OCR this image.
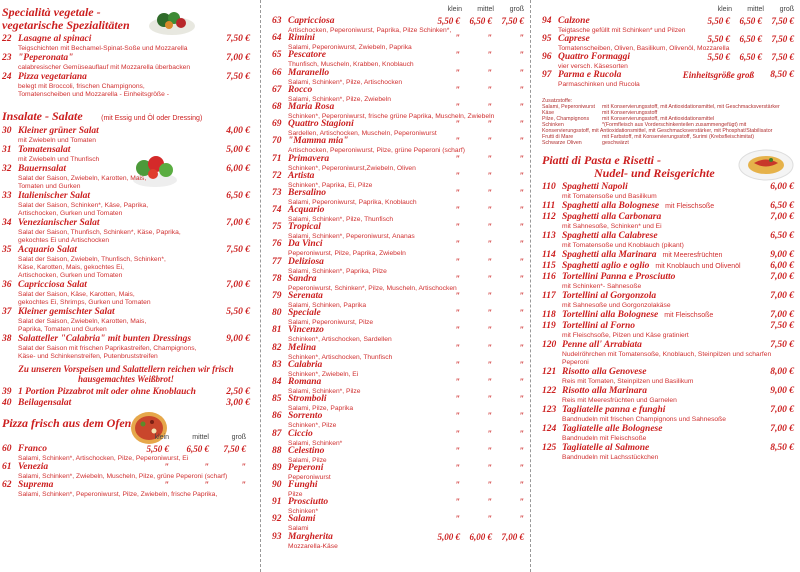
Specialità vegetale -
vegetarische Spezialitäten
22 Lasagne al spinaci
Teigschichten mit Bechamel-Spinat-Soße und Mozzarella
7,50 €
23 "Peperonata"
calabresischer Gemüseauflauf mit Mozzarella überbacken
7,00 €
24 Pizza vegetariana
belegt mit Broccoli, frischen Champignons,
Tomatenscheiben und Mozzarella - Einheitsgröße -
7,50 €
Insalate - Salate	(mit Essig und Öl oder Dressing)
30 Kleiner grüner Salat
mit Zwiebeln und Tomaten
4,00 €
31 Tomatensalat
mit Zwiebeln und Thunfisch
5,00 €
32 Bauernsalat
Salat der Saison, Zwiebeln, Karotten, Mais,
Tomaten und Gurken
6,00 €
33 Italienischer Salat
Salat der Saison, Schinken*, Käse, Paprika,
Artischocken, Gurken und Tomaten
6,50 €
34 Venezianischer Salat
Salat der Saison, Thunfisch, Schinken*, Käse, Paprika,
gekochtes Ei und Artischocken
7,00 €
35 Acquario Salat
Salat der Saison, Zwiebeln, Thunfisch, Schinken*,
Käse, Karotten, Mais, gekochtes Ei,
Artischocken, Gurken und Tomaten
7,50 €
36 Capricciosa Salat
Salat der Saison, Käse, Karotten, Mais,
gekochtes Ei, Shrimps, Gurken und Tomaten
7,00 €
37 Kleiner gemischter Salat
Salat der Saison, Zwiebeln, Karotten, Mais,
Paprika, Tomaten und Gurken
5,50 €
38 Salatteller "Calabria" mit bunten Dressings
Salat der Saison mit frischen Paprikastreifen, Champignons,
Käse- und Schinkenstreifen, Putenbruststreifen
9,00 €
Zu unseren Vorspeisen und Salattellern reichen wir frisch
hausgemachtes Weißbrot!
39 1 Portion Pizzabrot mit oder ohne Knoblauch	2,50 €
40 Beilagensalat	3,00 €
Pizza frisch aus dem Ofen
klein	mittel	groß
60 Franco
Salami, Schinken*, Artischocken, Pilze, Peperoniwurst, Ei
5,50 €	6,50 €	7,50 €
61 Venezia
Salami, Schinken*, Zwiebeln, Muscheln, Pilze, grüne Peperoni (scharf)
"	"	"
62 Suprema
Salami, Schinken*, Peperoniwurst, Pilze, Zwiebeln, frische Paprika,
"	"	"
klein	mittel	groß
63 Capricciosa
Artischocken, Peperoniwurst, Paprika, Pilze Schinken*,
5,50 €	6,50 €	7,50 €
64 Rimini
Salami, Peperoniwurst, Zwiebeln, Paprika
"	"	"
65 Pescatore
Thunfisch, Muscheln, Krabben, Knoblauch
"	"	"
66 Maranello
Salami, Schinken*, Pilze, Artischocken
"	"	"
67 Rocco
Salami, Schinken*, Pilze, Zwiebeln
"	"	"
68 Maria Rosa
Schinken*, Peperoniwurst, frische grüne Paprika, Muscheln, Zwiebeln
"	"	"
69 Quattro Stagioni
Sardellen, Artischocken, Muscheln, Peperoniwurst
"	"	"
70 "Mamma mia"
Artischocken, Peperoniwurst, Pilze, grüne Peperoni (scharf)
"	"	"
71 Primavera
Schinken*, Peperoniwurst,Zwiebeln, Oliven
"	"	"
72 Artista
Schinken*, Paprika, Ei, Pilze
"	"	"
73 Bersalino
Salami, Peperoniwurst, Paprika, Knoblauch
"	"	"
74 Acquario
Salami, Schinken*, Pilze, Thunfisch
"	"	"
75 Tropical
Salami, Schinken*, Peperoniwurst, Ananas
"	"	"
76 Da Vinci
Peperoniwurst, Pilze, Paprika, Zwiebeln
"	"	"
77 Deliziosa
Salami, Schinken*, Paprika, Pilze
"	"	"
78 Sandra
Peperoniwurst, Schinken*, Pilze, Muscheln, Artischocken
"	"	"
79 Serenata
Salami, Schinken, Paprika
"	"	"
80 Speciale
Salami, Peperoniwurst, Pilze
"	"	"
81 Vincenzo
Schinken*, Artischocken, Sardellen
"	"	"
82 Melina
Schinken*, Artischocken, Thunfisch
"	"	"
83 Calabria
Schinken*, Zwiebeln, Ei
"	"	"
84 Romana
Salami, Schinken*, Pilze
"	"	"
85 Stromboli
Salami, Pilze, Paprika
"	"	"
86 Sorrento
Schinken*, Pilze
"	"	"
87 Ciccio
Salami, Schinken*
"	"	"
88 Celestino
Salami, Pilze
"	"	"
89 Peperoni
Peperoniwurst
"	"	"
90 Funghi
Pilze
"	"	"
91 Prosciutto
Schinken*
"	"	"
92 Salami
Salami
"	"	"
93 Margherita
Mozzarella-Käse
5,00 €	6,00 €	7,00 €
klein	mittel	groß
94 Calzone
Teigtasche gefüllt mit Schinken* und Pilzen
5,50 €	6,50 €	7,50 €
95 Caprese
Tomatenscheiben, Oliven, Basilikum, Olivenöl, Mozzarella
5,50 €	6,50 €	7,50 €
96 Quattro Formaggi
vier versch. Käsesorten
5,50 €	6,50 €	7,50 €
97 Parma e Rucola
Parmaschinken und Rucola
Einheitsgröße groß 8,50 €
Zusatzstoffe:
Salami, Peperoniwurst mit Konservierungsstoff, mit Antioxidationsmittel, mit Geschmacksverstärker
Käse	mit Konservierungsstoff
Pilze, Champignons mit Konservierungsstoff, mit Antioxidationsmittel
Schinken	*(Formfleisch aus Vorderschinkenteilen zusammengefügt) mit Konservierungsstoff, mit Antioxidationsmittel, mit Geschmacksverstärker, mit Phosphat/Stabilisator
Frutti di Mare	mit Farbstoff, mit Konservierungsstoff, Surimi (Krebsfleischimitat)
Schwarze Oliven	geschwärzt
Piatti di Pasta e Risetti -
Nudel- und Reisgerichte
110 Spaghetti Napoli
mit Tomatensoße und Basilikum
6,00 €
111 Spaghetti alla Bolognese mit Fleischsoße	6,50 €
112 Spaghetti alla Carbonara
mit Sahnesoße, Schinken* und Ei
7,00 €
113 Spaghetti alla Calabrese
mit Tomatensoße und Knoblauch (pikant)
6,50 €
114 Spaghetti alla Marinara mit Meeresfrüchten	9,00 €
115 Spaghetti aglio e oglio mit Knoblauch und Olivenöl	6,00 €
116 Tortellini Panna e Prosciutto
mit Schinken*- Sahnesoße
7,00 €
117 Tortellini al Gorgonzola
mit Sahnesoße und Gorgonzolakäse
7,00 €
118 Tortellini alla Bolognese mit Fleischsoße	7,00 €
119 Tortellini al Forno
mit Fleischsoße, Pilzen und Käse gratiniert
7,50 €
120 Penne all' Arrabiata
Nudelröhrchen mit Tomatensoße, Knoblauch, Steinpilzen und scharfen Peperoni
7,50 €
121 Risotto alla Genovese
Reis mit Tomaten, Steinpilzen und Basilikum
8,00 €
122 Risotto alla Marinara
Reis mit Meeresfrüchten und Garnelen
9,00 €
123 Tagliatelle panna e funghi
Bandnudeln mit frischen Champignons und Sahnesoße
7,00 €
124 Tagliatelle alle Bolognese
Bandnudeln mit Fleischsoße
7,00 €
125 Tagliatelle al Salmone
Bandnudeln mit Lachsstückchen
8,50 €
